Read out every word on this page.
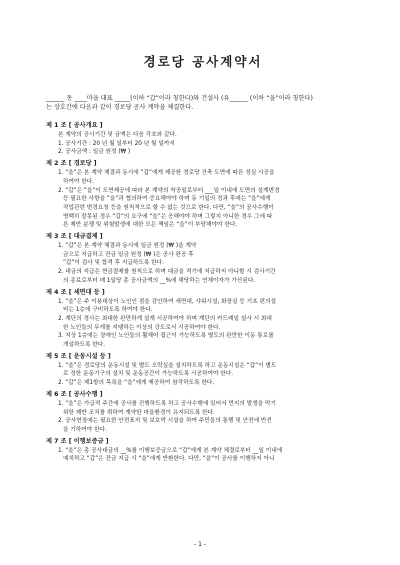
경로당 공사계약서
______ 동 ____마을 대표 _____(이하 “갑”이라 칭한다)와 건설사 (유______ (이하 “을”이라 칭한다)
는 상호간에 다음과 같이 경로당 공사 계약을 체결한다.
제 1 조 [ 공사개요 ]
본 계약의 공사기간 및 금액은 다음 각호와 같다.
1. 공사기간 : 20 년 월 일부터 20 년 월 일까지
2. 공사금액 : 일금 원정 (₩ )
제 2 조 [ 경로당 ]
1. “을”은 본 계약 체결과 동시에 “갑”에게 제공한 경로당 건축 도면에 따른 성실 시공을
하여야 한다.
2. “갑”은 “을”이 도면제공에 따라 본 계약의 착공일로부터 ___일 이내에 도면의 설계변경
등 필요한 사항을 “을”과 협의하여 증요해야야 하며 동 기일의 경과 후에는 “을”에게
작업관련 변경요청 등을 원칙적으로 할 수 없는 것으로 한다. 다만, “을”의 공사수행이
명백히 잘못된 경우 “갑”의 요구에 “을”은 응해야야 하며 그렇지 아니한 경우 그에 따
른 제반 분쟁 및 위험발생에 대한 모든 책임은 “을”이 부담해야야 한다.
제 3 조 [ 대금결제 ]
1. “갑”은 본 계약 체결과 동시에 일금 원정 (₩ )을 계약
금으로 지급하고 잔금 일금 원정 (₩ )은 공사 완공 후
“갑”이 검사 및 합격 후 지급하도록 한다.
2. 대금의 지급은 현금결제를 원칙으로 하며 대금을 적기에 지급하지 아니할 시 검사기간
의 종료로부터 매 1일당 총 공사금액의 __%에 해당하는 연체이자가 가산된다.
제 4 조 [ 세면대 등 ]
1. “을”은 주 이용대상이 노인인 점을 감안하여 세면대, 샤워시설, 화장실 등 기초 편의설
비는 1층에 구비하도록 하여야 한다.
2. 계단의 경사는 최대한 완만하게 설계 시공하여야 하며 계단의 카드레일 설사 시 최대
한 노인들의 무게를 지탱하는 이상의 강도로서 시공하여야 한다.
3. 지상 1층에는 장애인 노인들의 휠체어 접근이 가능하도록 별도의 완만한 이동 통로를
개설하도록 한다.
제 5 조 [ 운동시설 등 ]
1. “을”은 경로당의 운동시설 및 별도 오락실을 설치하도록 하고 운동시설은 “갑”이 별도
로 정한 운동기구의 설치 및 운동공간이 가능하도록 시공하여야 한다.
2. “갑”은 제1항의 목록을 “을”에게 제공하여 참작하도록 한다.
제 6 조 [ 공사수행 ]
1. “을”은 가급적 주간에 공사를 진행하도록 하고 공사수행에 있어서 먼지의 발생을 막기
위한 제반 조치를 취하여 계약한 마을환경이 유지되도록 한다.
2. 공사현장에는 필요한 안전표지 및 보호막 시설을 하여 주민들의 통행 및 안전에 반전
을 기하여야 한다.
제 7 조 [ 이행보증금 ]
1. “을”은 총 공사대금의 __%를 이행보증금으로 “갑”에게 본 계약 체결로부터 __일 이내에
예치하고 “갑”은 잔금 지급 시 “을”에게 반환한다. 다만, “을”이 공사를 이행하지 아니
- 1 -
